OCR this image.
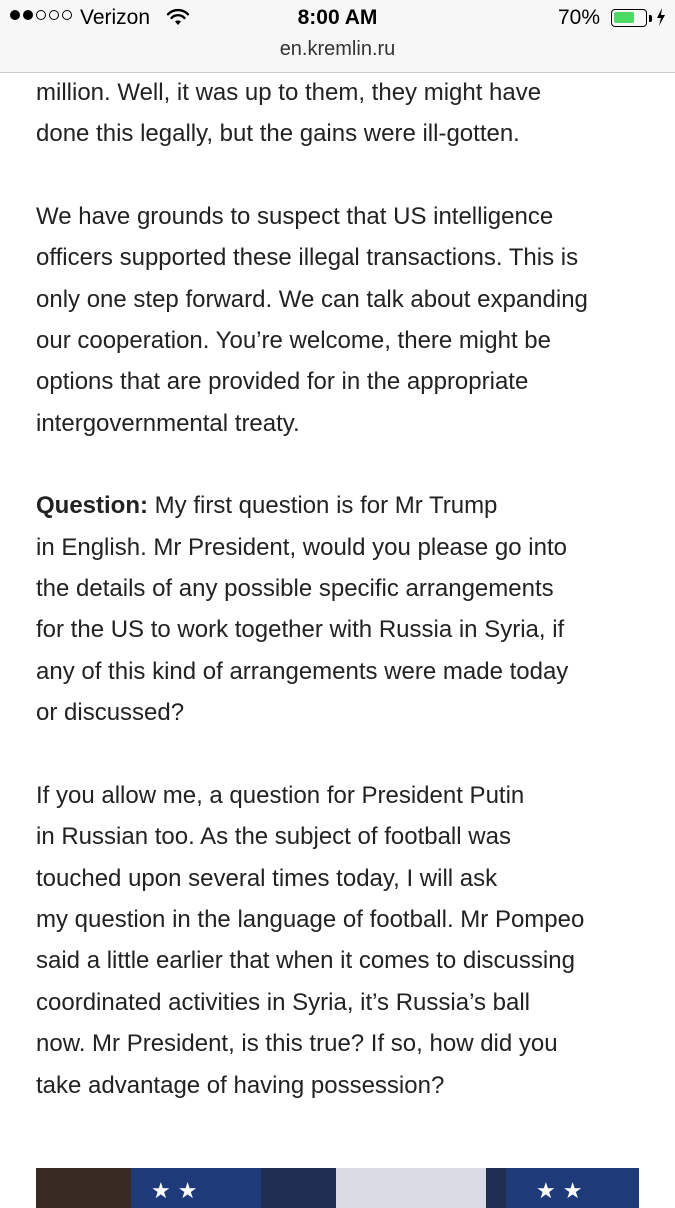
Verizon	8:00 AM	70%
en.kremlin.ru

million. Well, it was up to them, they might have
done this legally, but the gains were ill-gotten.

We have grounds to suspect that US intelligence
officers supported these illegal transactions. This is
only one step forward. We can talk about expanding
our cooperation. You’re welcome, there might be
options that are provided for in the appropriate
intergovernmental treaty.

Question: My first question is for Mr Trump
in English. Mr President, would you please go into
the details of any possible specific arrangements
for the US to work together with Russia in Syria, if
any of this kind of arrangements were made today
or discussed?

If you allow me, a question for President Putin
in Russian too. As the subject of football was
touched upon several times today, I will ask
my question in the language of football. Mr Pompeo
said a little earlier that when it comes to discussing
coordinated activities in Syria, it’s Russia’s ball
now. Mr President, is this true? If so, how did you
take advantage of having possession?

★ ★	★ ★
